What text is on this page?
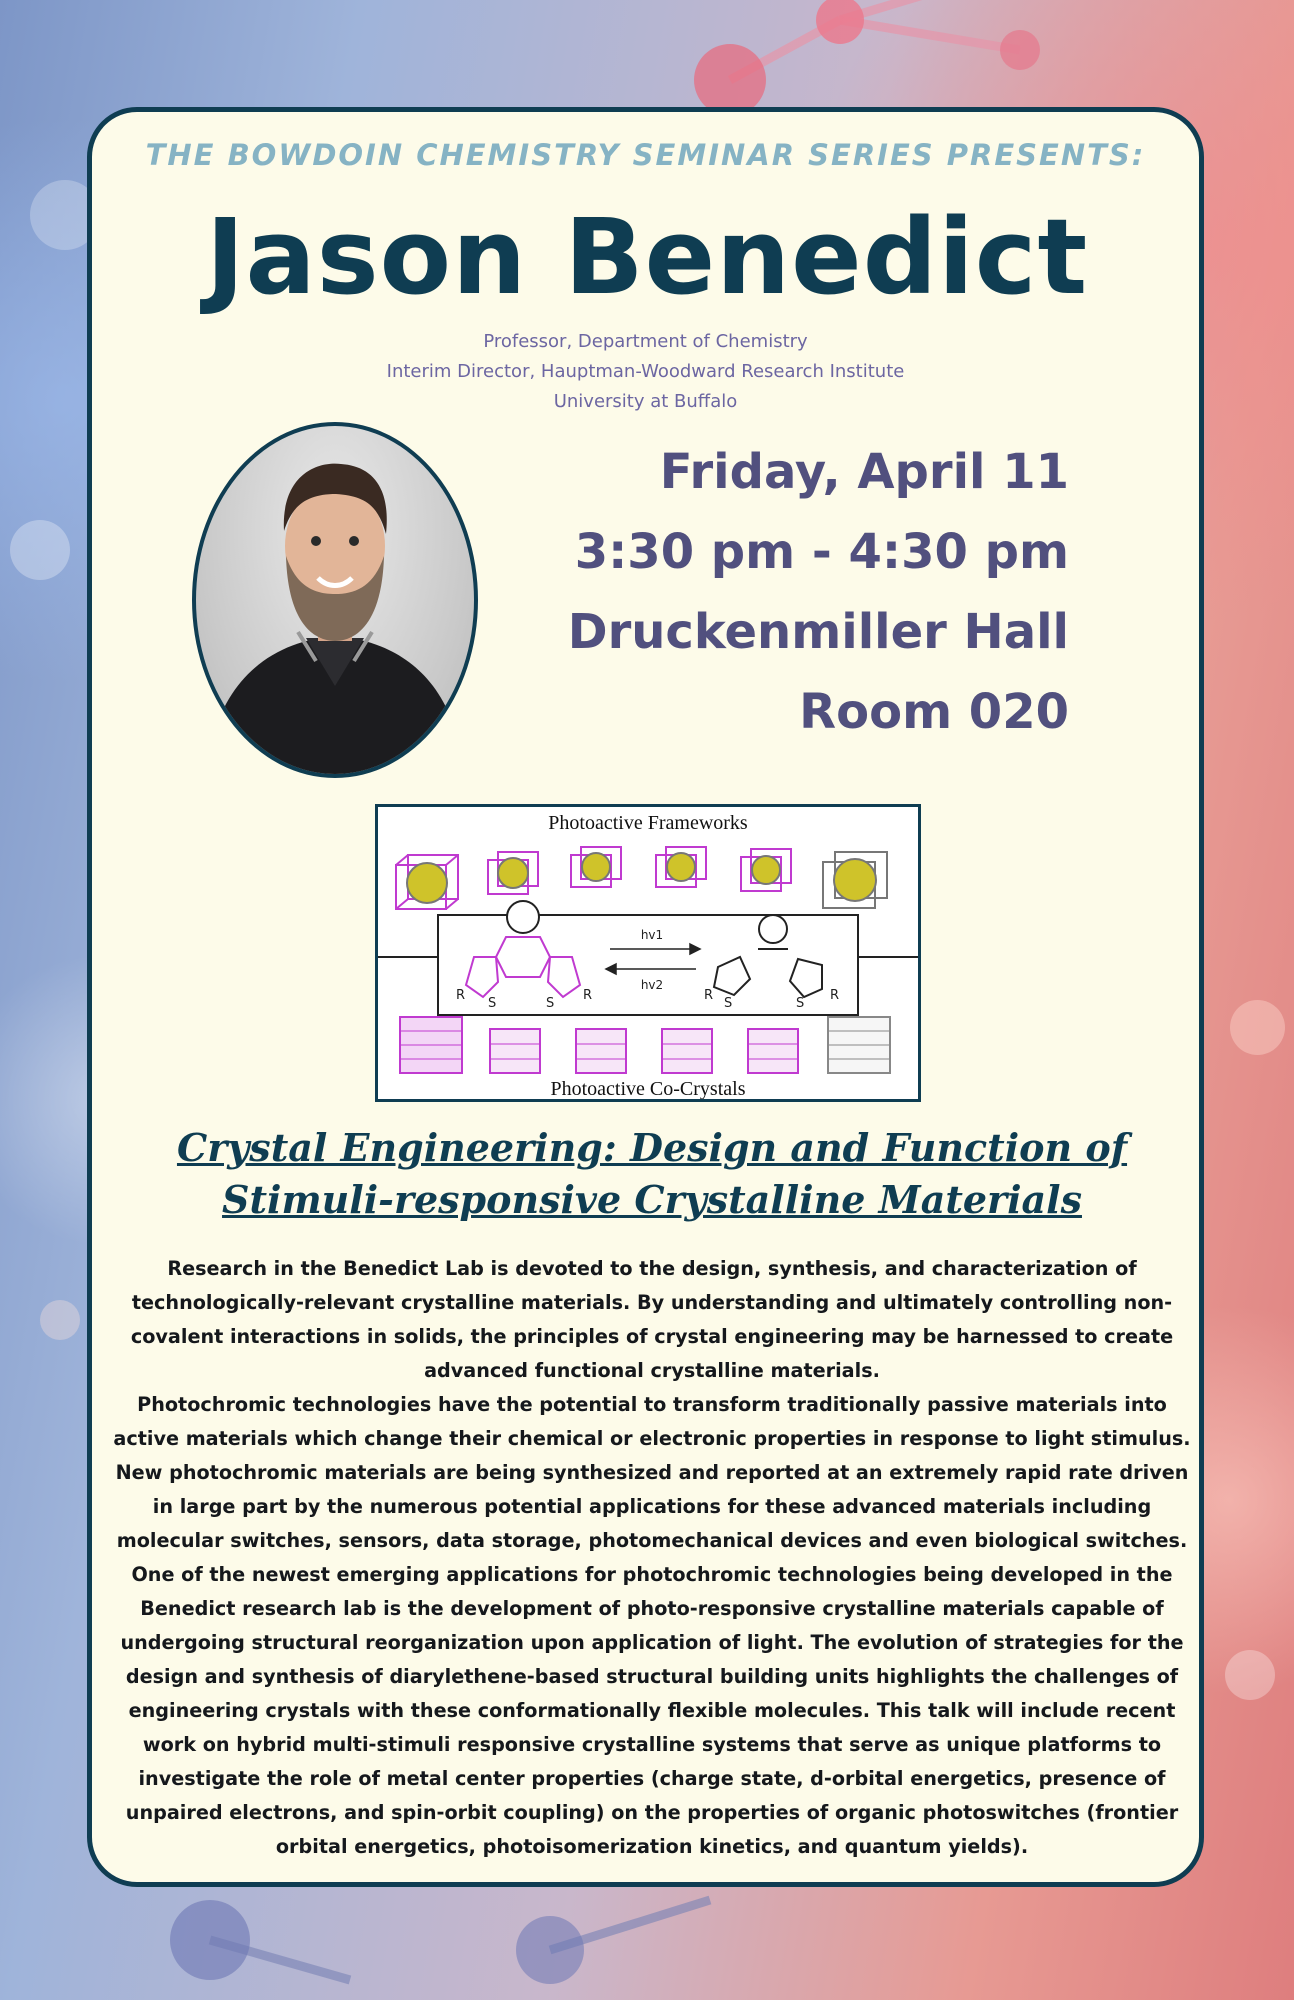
THE BOWDOIN CHEMISTRY SEMINAR SERIES PRESENTS:
Jason Benedict
Professor, Department of Chemistry
Interim Director, Hauptman-Woodward Research Institute
University at Buffalo
Friday, April 11
3:30 pm - 4:30 pm
Druckenmiller Hall
Room 020
Photoactive Frameworks
hv1
hv2
R
S	S
R	R
S	S
R
Photoactive Co-Crystals
Crystal Engineering: Design and Function of Stimuli-responsive Crystalline Materials

Research in the Benedict Lab is devoted to the design, synthesis, and characterization of technologically-relevant crystalline materials. By understanding and ultimately controlling non-covalent interactions in solids, the principles of crystal engineering may be harnessed to create advanced functional crystalline materials.

Photochromic technologies have the potential to transform traditionally passive materials into active materials which change their chemical or electronic properties in response to light stimulus. New photochromic materials are being synthesized and reported at an extremely rapid rate driven in large part by the numerous potential applications for these advanced materials including molecular switches, sensors, data storage, photomechanical devices and even biological switches.

One of the newest emerging applications for photochromic technologies being developed in the Benedict research lab is the development of photo-responsive crystalline materials capable of undergoing structural reorganization upon application of light. The evolution of strategies for the design and synthesis of diarylethene-based structural building units highlights the challenges of engineering crystals with these conformationally flexible molecules. This talk will include recent work on hybrid multi-stimuli responsive crystalline systems that serve as unique platforms to investigate the role of metal center properties (charge state, d-orbital energetics, presence of unpaired electrons, and spin-orbit coupling) on the properties of organic photoswitches (frontier orbital energetics, photoisomerization kinetics, and quantum yields).
